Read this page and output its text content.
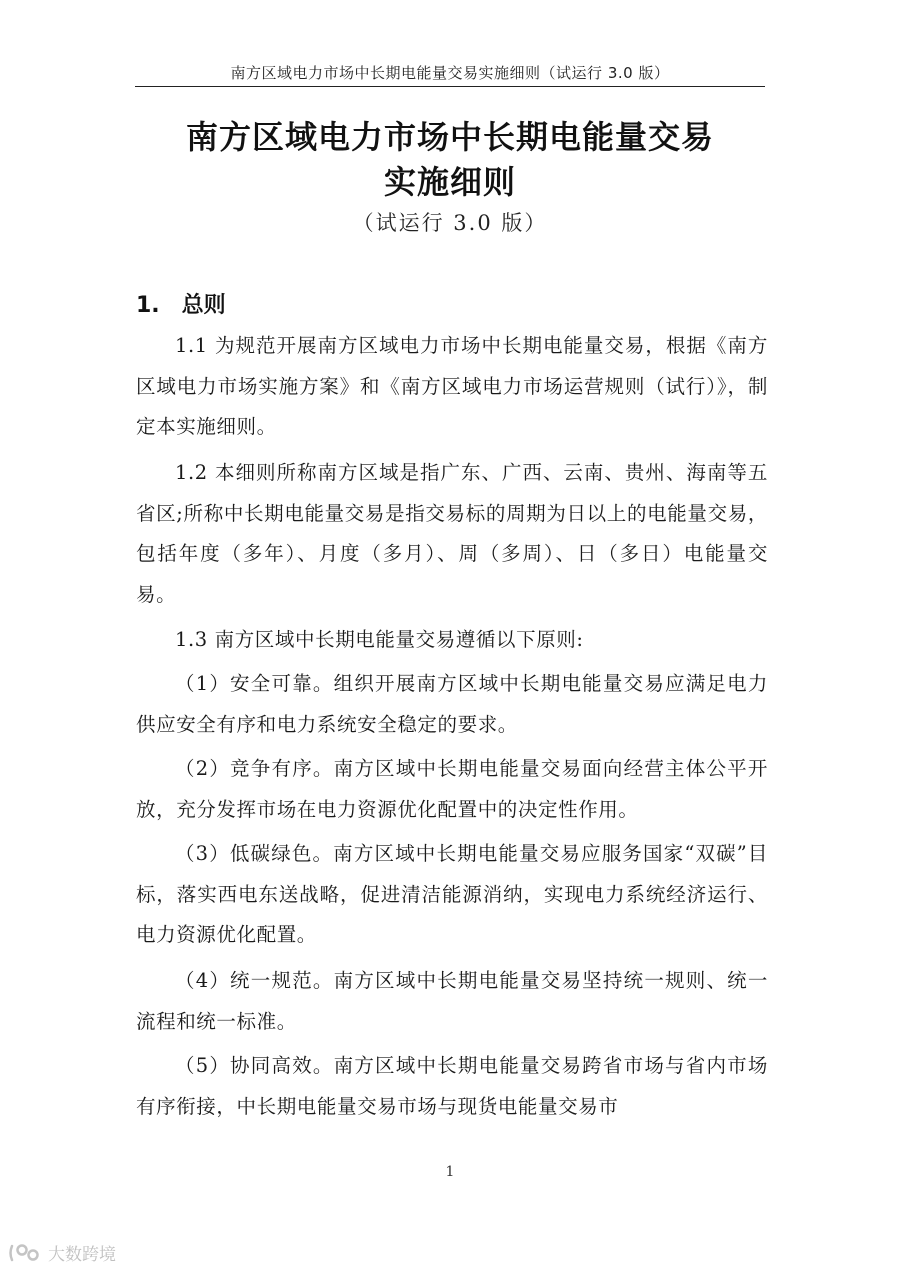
南方区域电力市场中长期电能量交易实施细则（试运行 3.0 版）
南方区域电力市场中长期电能量交易
实施细则
（试运行 3.0 版）
1. 总则

1.1 为规范开展南方区域电力市场中长期电能量交易，根据《南方区域电力市场实施方案》和《南方区域电力市场运营规则（试行）》，制定本实施细则。

1.2 本细则所称南方区域是指广东、广西、云南、贵州、海南等五省区;所称中长期电能量交易是指交易标的周期为日以上的电能量交易，包括年度（多年）、月度（多月）、周（多周）、日（多日）电能量交易。

1.3 南方区域中长期电能量交易遵循以下原则:

（1）安全可靠。组织开展南方区域中长期电能量交易应满足电力供应安全有序和电力系统安全稳定的要求。

（2）竞争有序。南方区域中长期电能量交易面向经营主体公平开放，充分发挥市场在电力资源优化配置中的决定性作用。

（3）低碳绿色。南方区域中长期电能量交易应服务国家“双碳”目标，落实西电东送战略，促进清洁能源消纳，实现电力系统经济运行、电力资源优化配置。

（4）统一规范。南方区域中长期电能量交易坚持统一规则、统一流程和统一标准。

（5）协同高效。南方区域中长期电能量交易跨省市场与省内市场有序衔接，中长期电能量交易市场与现货电能量交易市

1
大数跨境
